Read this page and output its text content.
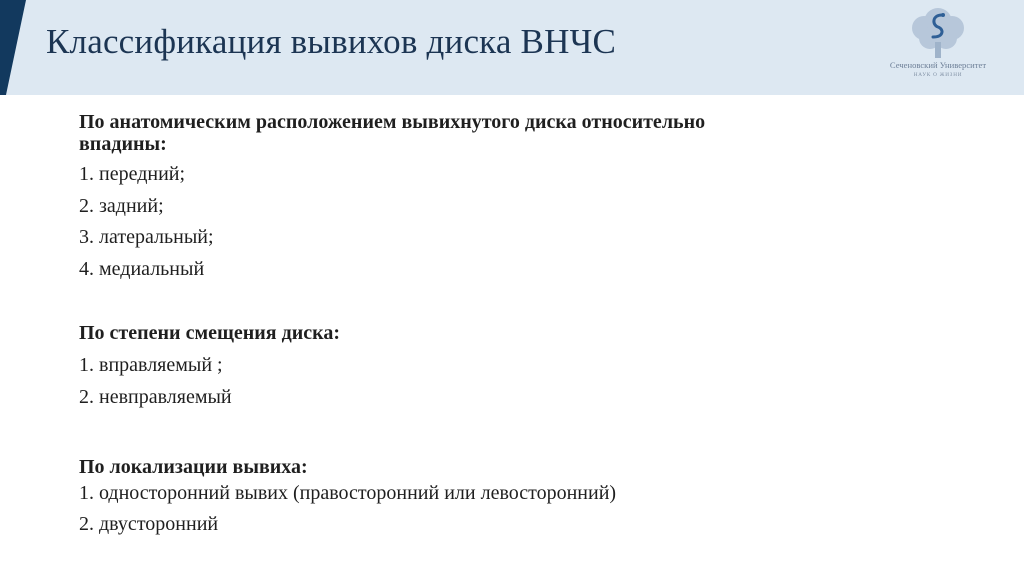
Классификация вывихов диска ВНЧС
Сеченовский Университет
НАУК О ЖИЗНИ
По анатомическим расположением вывихнутого диска относительно
впадины:
1. передний;
2. задний;
3. латеральный;
4. медиальный
По степени смещения диска:
1. вправляемый ;
2. невправляемый
По локализации вывиха:
1. односторонний вывих (правосторонний или левосторонний)
2. двусторонний
